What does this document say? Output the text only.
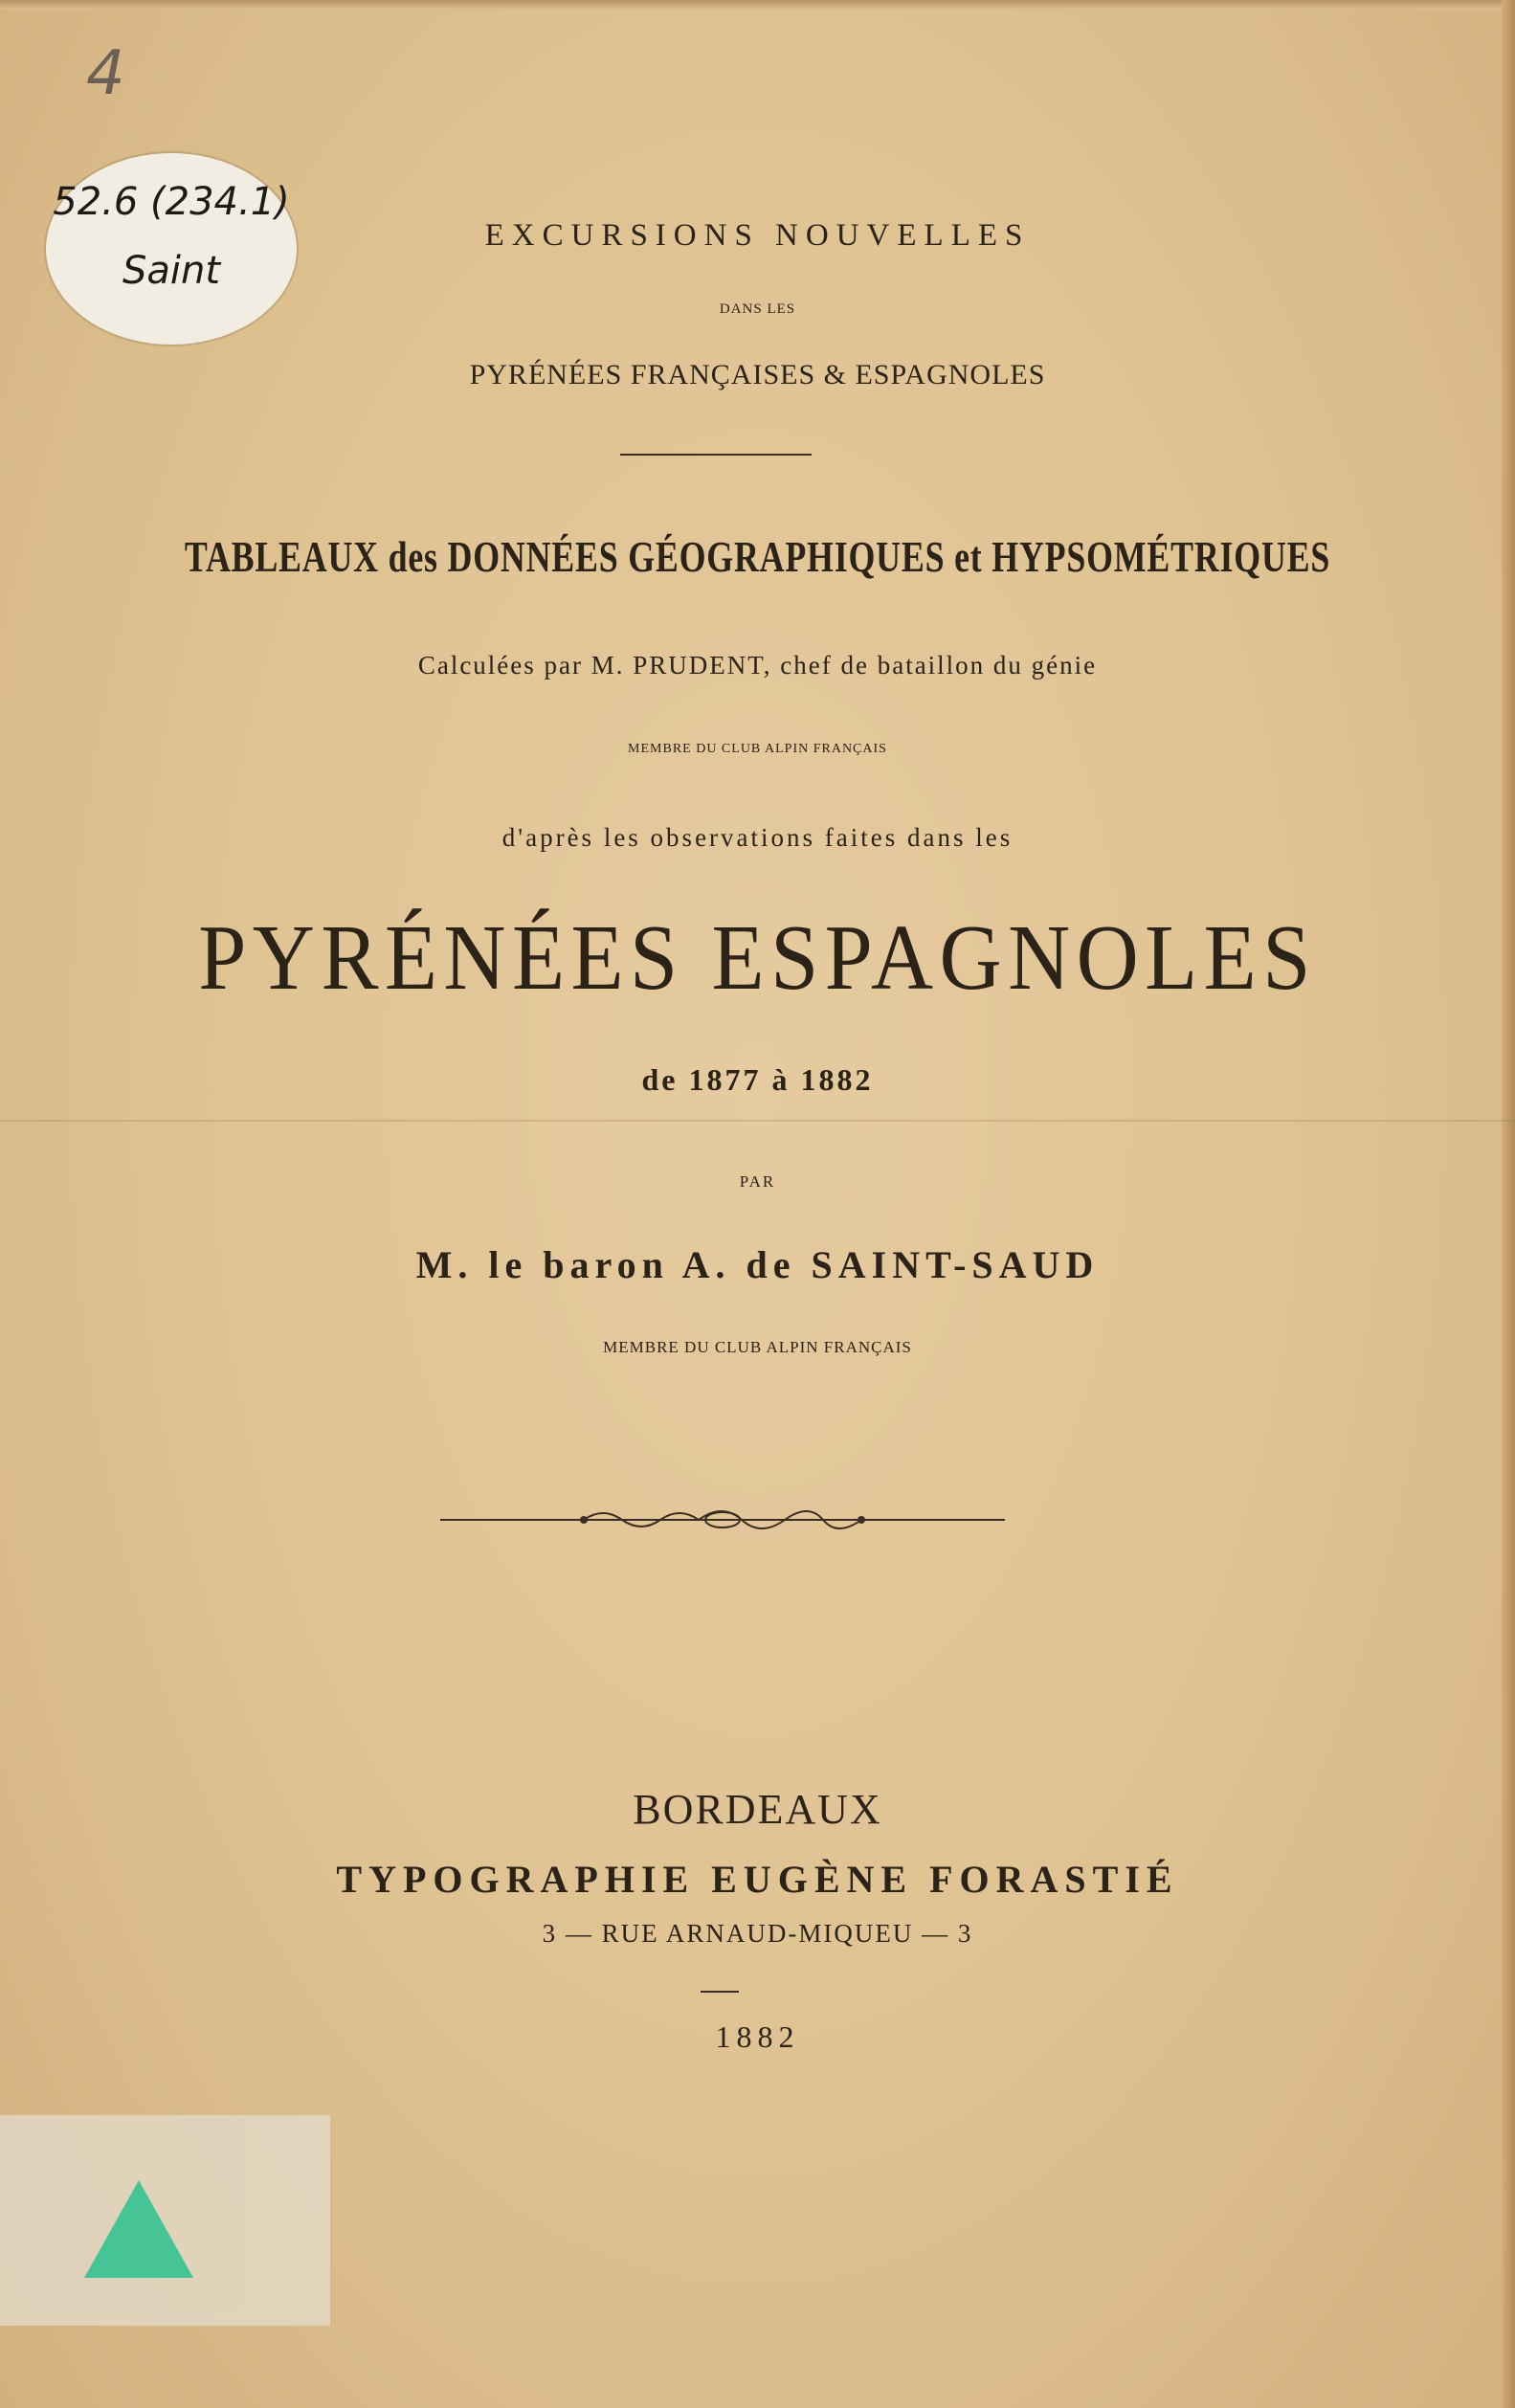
4
52.6 (234.1)
Saint
EXCURSIONS NOUVELLES
DANS LES
PYRÉNÉES FRANÇAISES & ESPAGNOLES
TABLEAUX des DONNÉES GÉOGRAPHIQUES et HYPSOMÉTRIQUES
Calculées par M. PRUDENT, chef de bataillon du génie
MEMBRE DU CLUB ALPIN FRANÇAIS
d'après les observations faites dans les
PYRÉNÉES ESPAGNOLES
de 1877 à 1882
PAR
M. le baron A. de SAINT-SAUD
MEMBRE DU CLUB ALPIN FRANÇAIS
BORDEAUX
TYPOGRAPHIE EUGÈNE FORASTIÉ
3 — RUE ARNAUD-MIQUEU — 3
1882
